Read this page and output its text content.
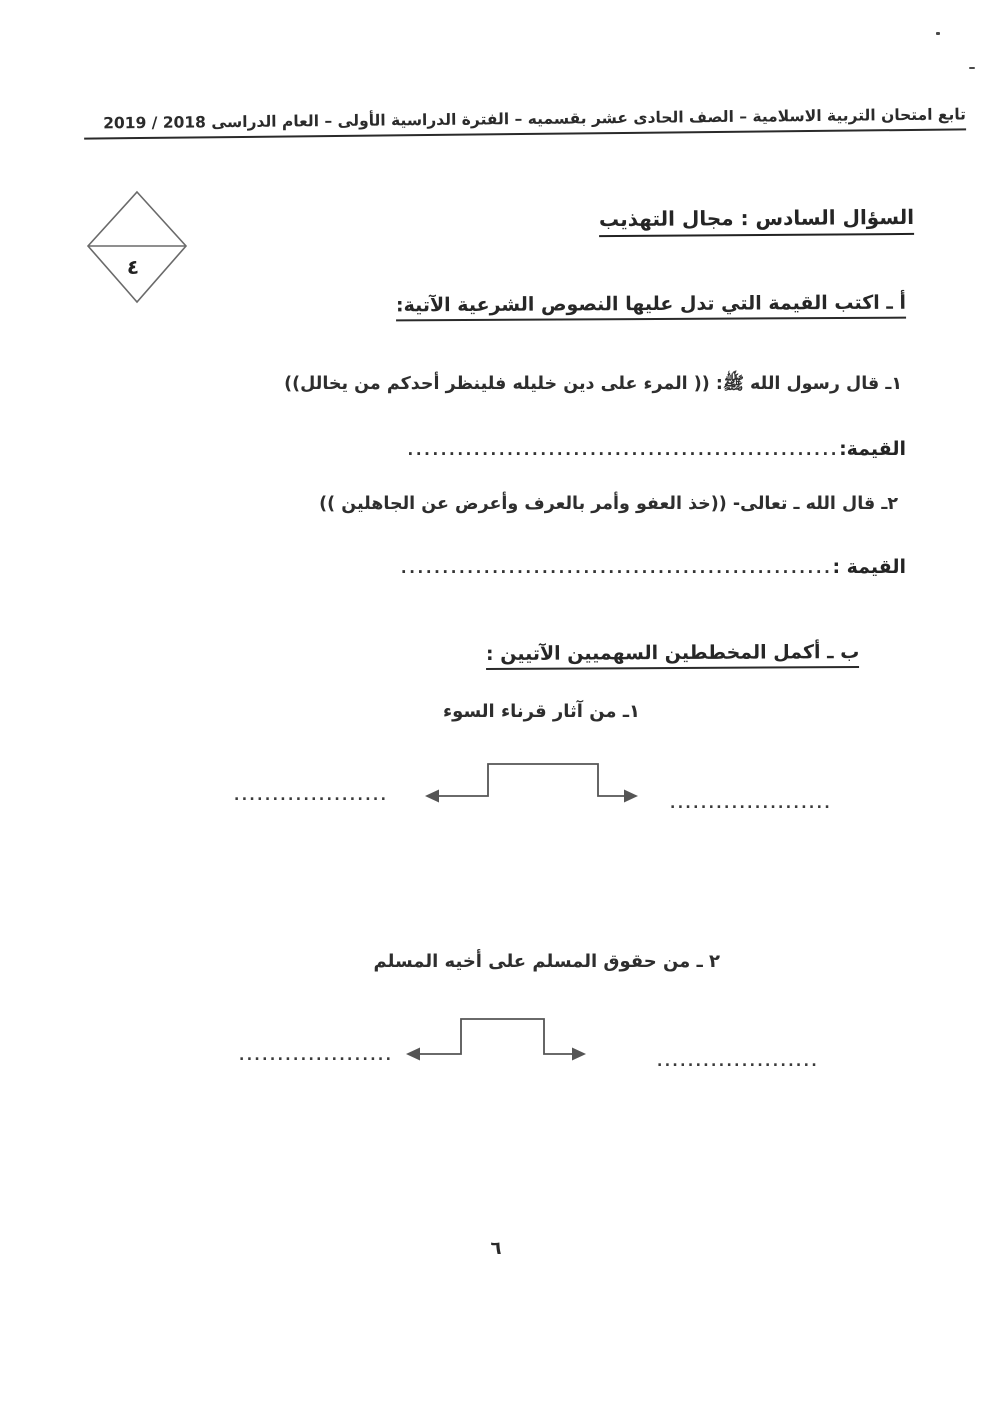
تابع امتحان التربية الاسلامية – الصف الحادى عشر بقسميه – الفترة الدراسية الأولى – العام الدراسى 2018 / 2019
٤
السؤال السادس : مجال التهذيب
أ ـ اكتب القيمة التي تدل عليها النصوص الشرعية الآتية:
١ـ قال رسول الله ﷺ: (( المرء على دين خليله فلينظر أحدكم من يخالل))
القيمة:
....................................................
٢ـ قال الله ـ تعالى- ((خذ العفو وأمر بالعرف وأعرض عن الجاهلين ))
القيمة :
....................................................
ب ـ أكمل المخططين السهميين الآتيين :
١ـ من آثار قرناء السوء
....................	.....................
٢ ـ من حقوق المسلم على أخيه المسلم
....................	.....................
٦
